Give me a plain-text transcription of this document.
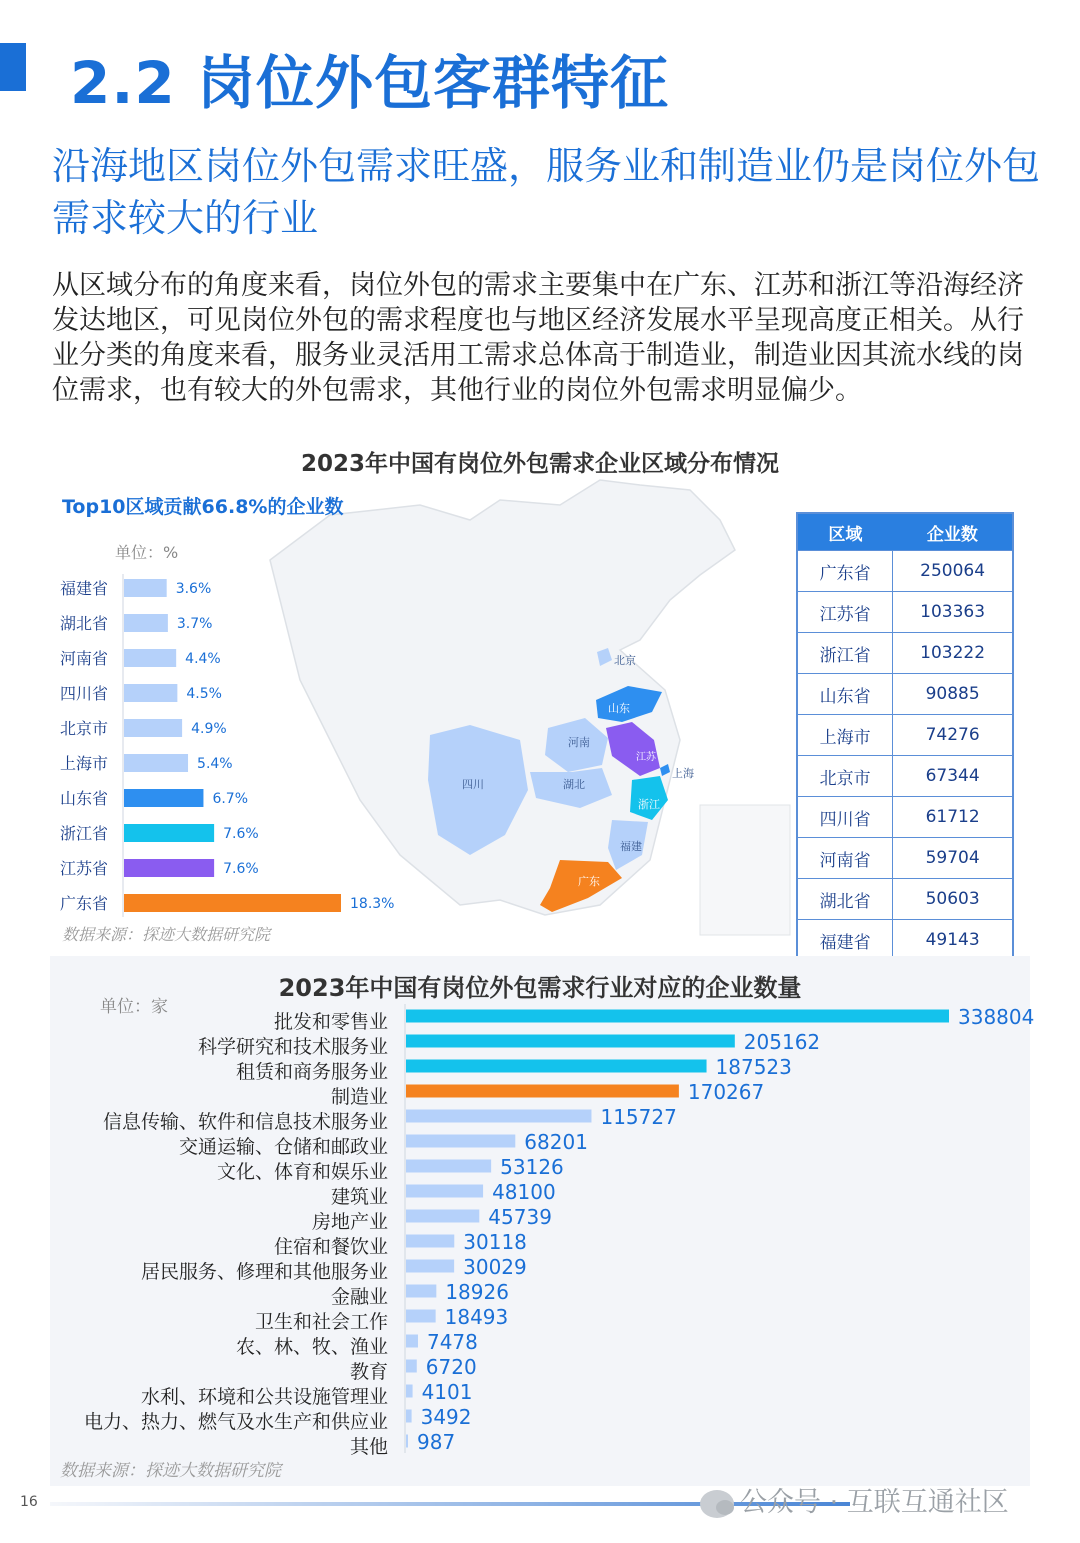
2.2 岗位外包客群特征
沿海地区岗位外包需求旺盛，服务业和制造业仍是岗位外包需求较大的行业
从区域分布的角度来看，岗位外包的需求主要集中在广东、江苏和浙江等沿海经济发达地区，可见岗位外包的需求程度也与地区经济发展水平呈现高度正相关。从行业分类的角度来看，服务业灵活用工需求总体高于制造业，制造业因其流水线的岗位需求，也有较大的外包需求，其他行业的岗位外包需求明显偏少。
2023年中国有岗位外包需求企业区域分布情况
北京
山东
河南
江苏
上海
四川	湖北
浙江
福建
广东
Top10区域贡献66.8%的企业数
单位：%
数据来源：探迹大数据研究院
区域	企业数
广东省	250064
江苏省	103363
浙江省	103222
山东省	90885
上海市	74276
北京市	67344
四川省	61712
河南省	59704
湖北省	50603
福建省	49143
2023年中国有岗位外包需求行业对应的企业数量
单位：家
数据来源：探迹大数据研究院
福建省	3.6%
湖北省	3.7%
河南省	4.4%
四川省	4.5%
北京市	4.9%
上海市	5.4%
山东省	6.7%
浙江省	7.6%
江苏省	7.6%
广东省	18.3%
批发和零售业	338804
科学研究和技术服务业	205162
租赁和商务服务业	187523
制造业	170267
信息传输、软件和信息技术服务业	115727
交通运输、仓储和邮政业	68201
文化、体育和娱乐业	53126
建筑业	48100
房地产业	45739
住宿和餐饮业	30118
居民服务、修理和其他服务业	30029
金融业	18926
卫生和社会工作	18493
农、林、牧、渔业 7478
教育 6720
水利、环境和公共设施管理业 4101
电力、热力、燃气及水生产和供应业 3492
其他 987
16	公众号 · 互联互通社区
